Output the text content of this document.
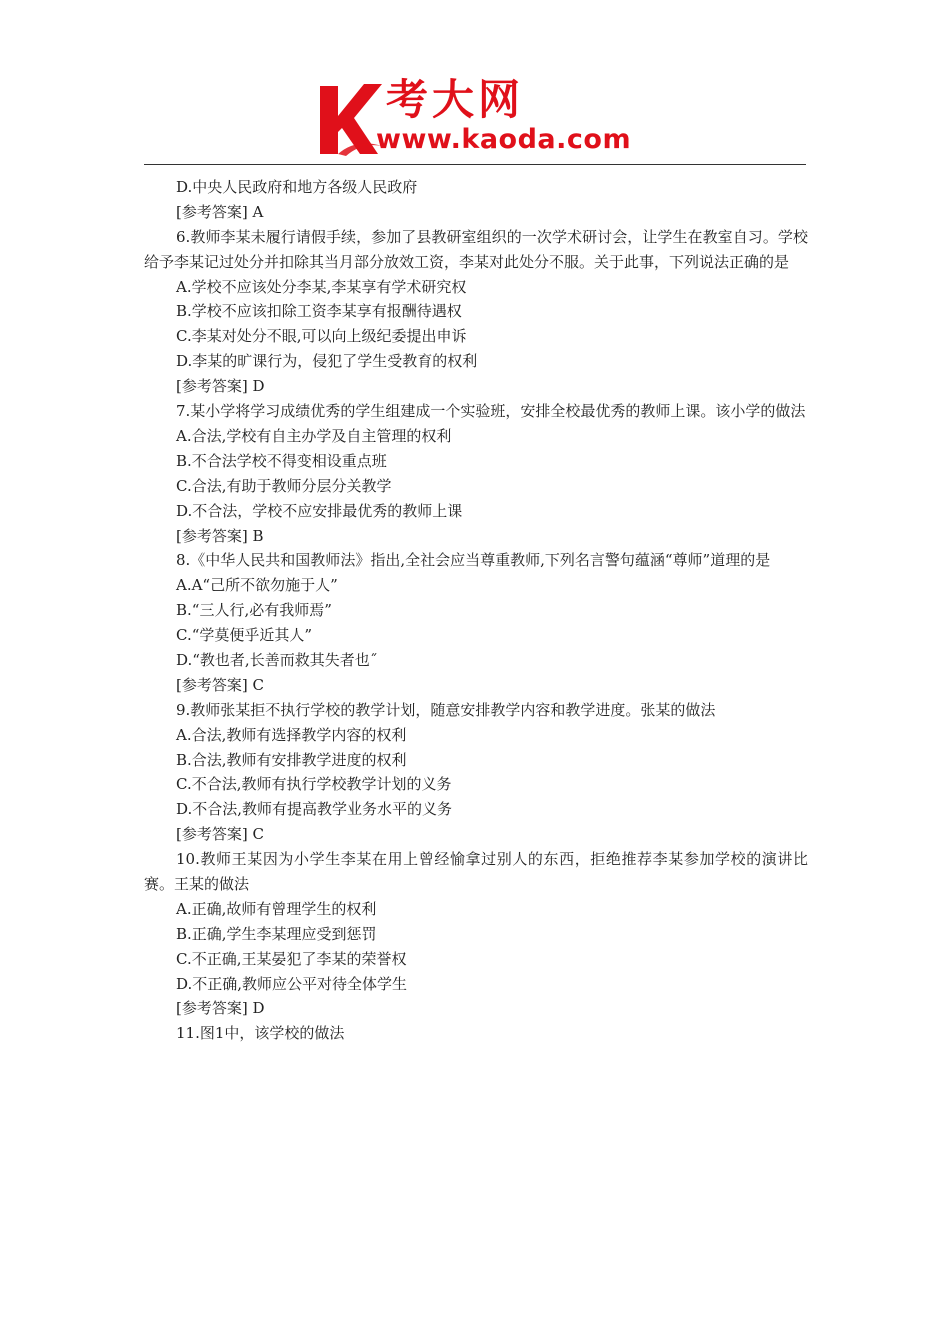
考大网
www.kaoda.com
D.中央人民政府和地方各级人民政府
[参考答案] A
6.教师李某未履行请假手续，参加了县教研室组织的一次学术研讨会，让学生在教室自习。学校给予李某记过处分并扣除其当月部分放效工资，李某对此处分不服。关于此事，下列说法正确的是
A.学校不应该处分李某,李某享有学术研究权
B.学校不应该扣除工资李某享有报酬待遇权
C.李某对处分不眼,可以向上级纪委提出申诉
D.李某的旷课行为，侵犯了学生受教育的权利
[参考答案] D
7.某小学将学习成绩优秀的学生组建成一个实验班，安排全校最优秀的教师上课。该小学的做法
A.合法,学校有自主办学及自主管理的权利
B.不合法学校不得变相设重点班
C.合法,有助于教师分层分关教学
D.不合法，学校不应安排最优秀的教师上课
[参考答案] B
8.《中华人民共和国教师法》指出,全社会应当尊重教师,下列名言警句蕴涵“尊师”道理的是
A.A“己所不欲勿施于人”
B.“三人行,必有我师焉”
C.“学莫便乎近其人”
D.“教也者,长善而救其失者也˝
[参考答案] C
9.教师张某拒不执行学校的教学计划，随意安排教学内容和教学进度。张某的做法
A.合法,教师有选择教学内容的权利
B.合法,教师有安排教学进度的权利
C.不合法,教师有执行学校教学计划的义务
D.不合法,教师有提高教学业务水平的义务
[参考答案] C
10.教师王某因为小学生李某在用上曾经愉拿过别人的东西，拒绝推荐李某参加学校的演讲比赛。王某的做法
A.正确,故师有曾理学生的权利
B.正确,学生李某理应受到惩罚
C.不正确,王某晏犯了李某的荣誉权
D.不正确,教师应公平对待全体学生
[参考答案] D
11.图1中，该学校的做法
